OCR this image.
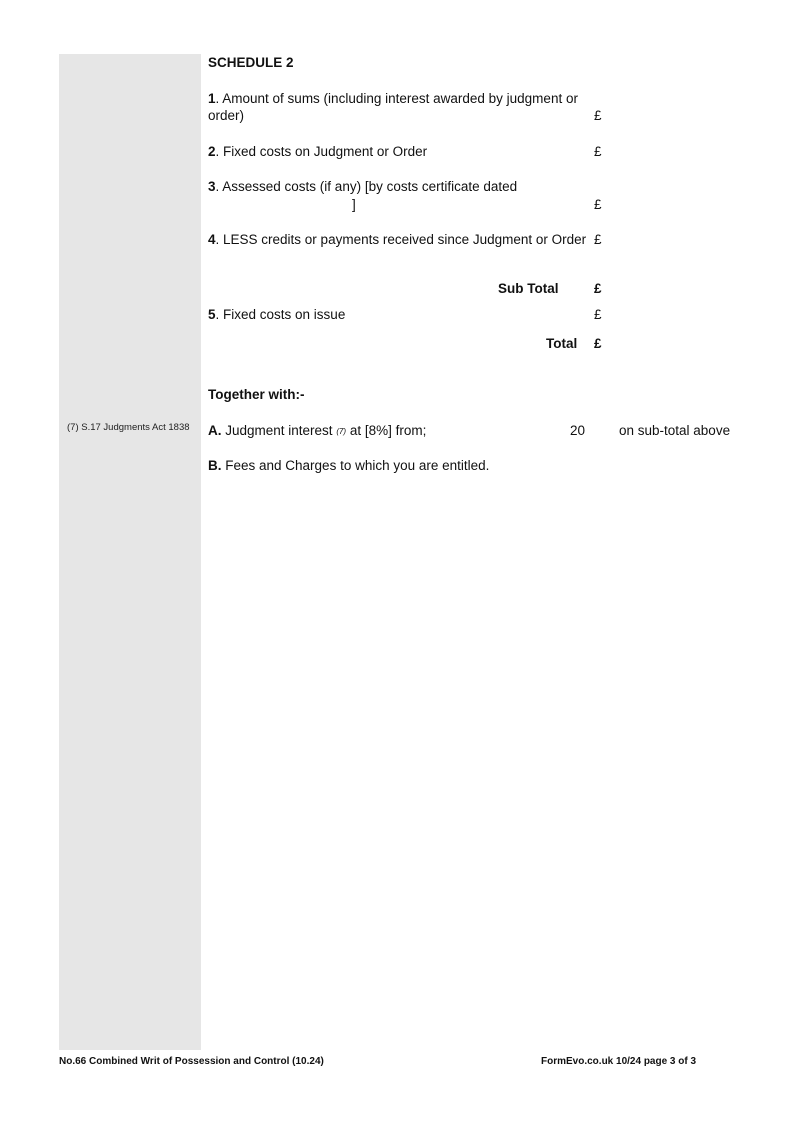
(7) S.17 Judgments Act 1838
SCHEDULE 2
1. Amount of sums (including interest awarded by judgment or
order)	£
2. Fixed costs on Judgment or Order	£
3. Assessed costs (if any) [by costs certificate dated
]	£
4. LESS credits or payments received since Judgment or Order £
Sub Total	£
5. Fixed costs on issue	£
Total £
Together with:-
A. Judgment interest (7) at [8%] from;	20	on sub-total above
B. Fees and Charges to which you are entitled.
No.66 Combined Writ of Possession and Control (10.24)	FormEvo.co.uk 10/24 page 3 of 3
